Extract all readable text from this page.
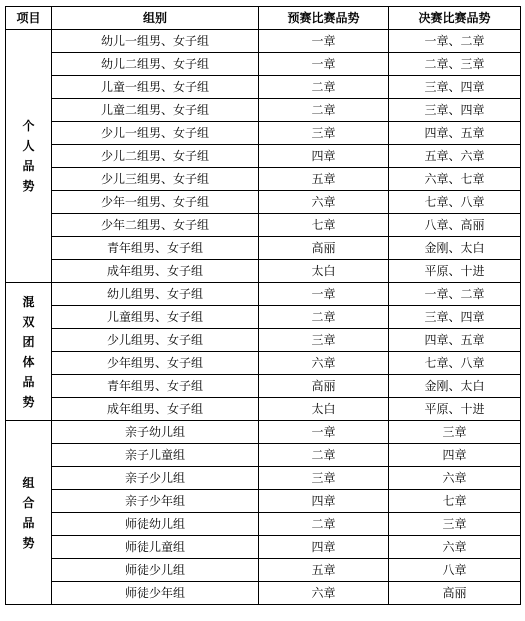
项目	组别	预赛比赛品势	决赛比赛品势
个人品势	幼儿一组男、女子组	一章	一章、二章
	幼儿二组男、女子组	一章	二章、三章
	儿童一组男、女子组	二章	三章、四章
	儿童二组男、女子组	二章	三章、四章
	少儿一组男、女子组	三章	四章、五章
	少儿二组男、女子组	四章	五章、六章
	少儿三组男、女子组	五章	六章、七章
	少年一组男、女子组	六章	七章、八章
	少年二组男、女子组	七章	八章、高丽
	青年组男、女子组	高丽	金刚、太白
	成年组男、女子组	太白	平原、十进
混双团体品势	幼儿组男、女子组	一章	一章、二章
	儿童组男、女子组	二章	三章、四章
	少儿组男、女子组	三章	四章、五章
	少年组男、女子组	六章	七章、八章
	青年组男、女子组	高丽	金刚、太白
	成年组男、女子组	太白	平原、十进
组合品势	亲子幼儿组	一章	三章
	亲子儿童组	二章	四章
	亲子少儿组	三章	六章
	亲子少年组	四章	七章
	师徒幼儿组	二章	三章
	师徒儿童组	四章	六章
	师徒少儿组	五章	八章
	师徒少年组	六章	高丽
